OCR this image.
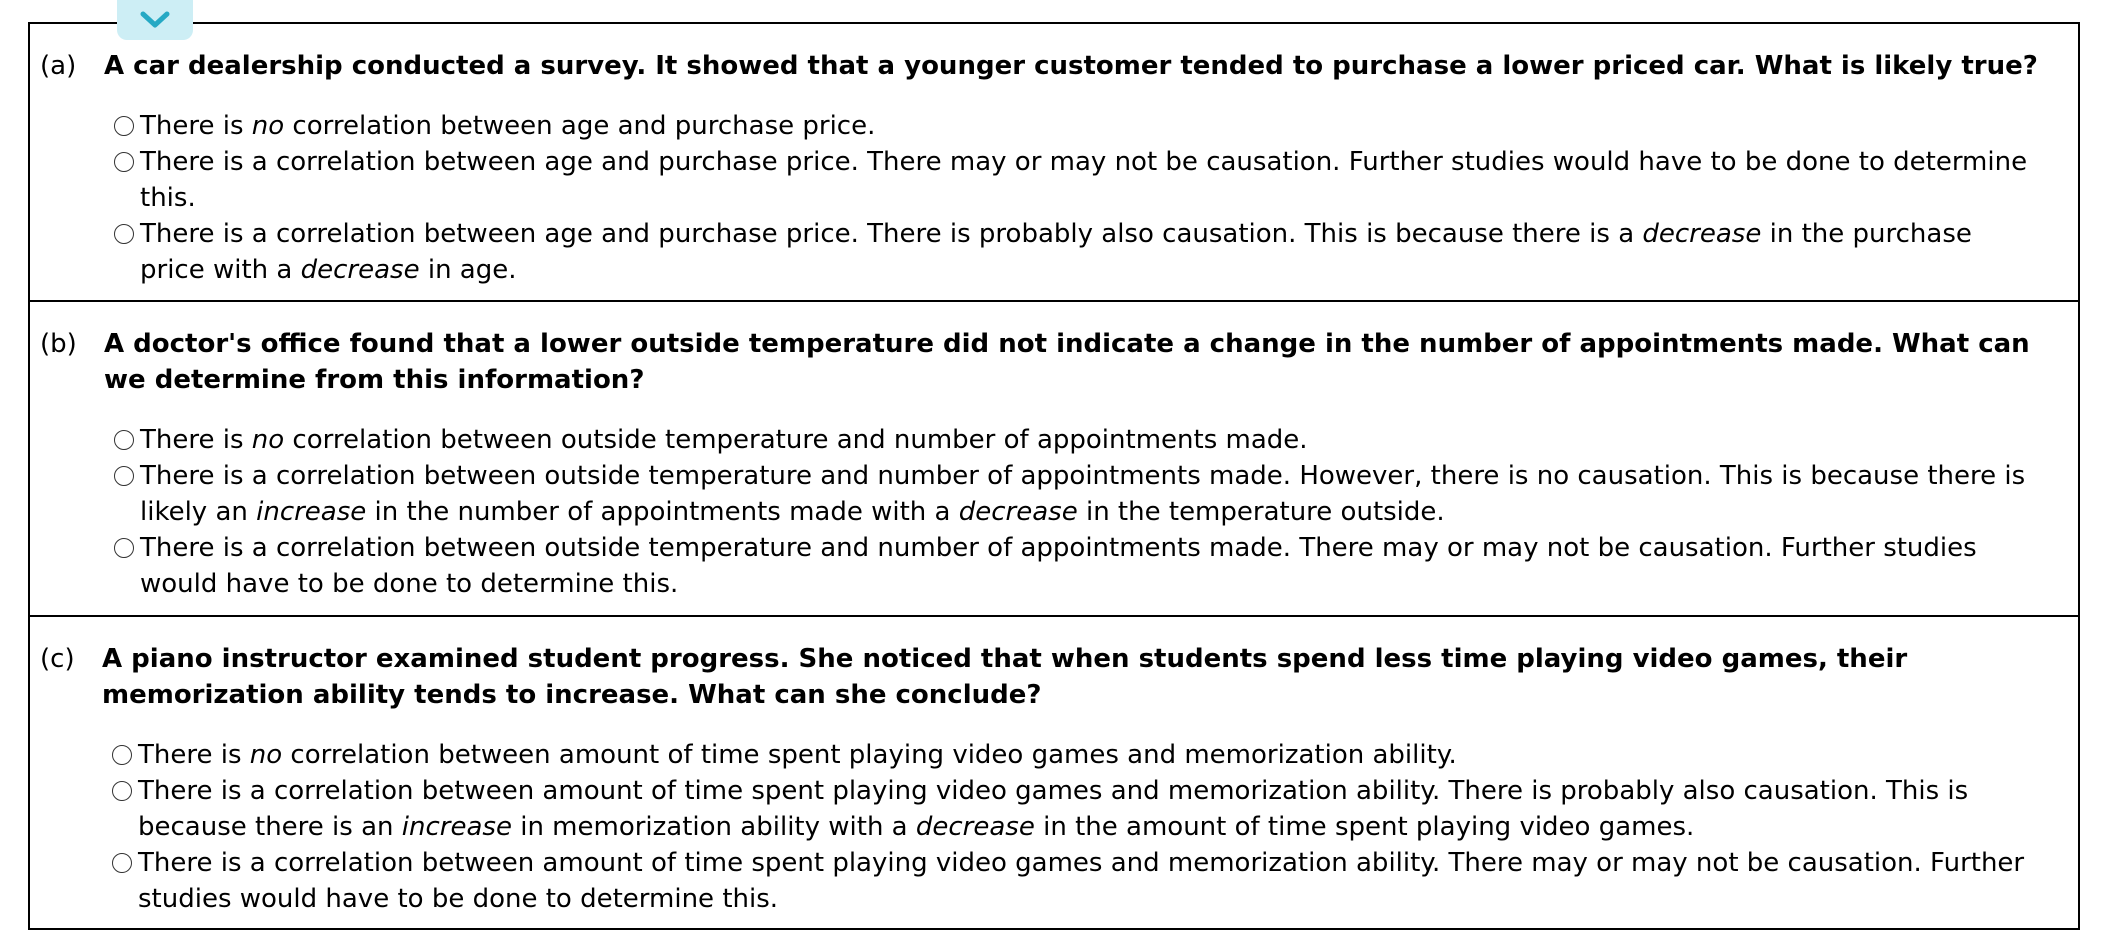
(a)	A car dealership conducted a survey. It showed that a younger customer tended to purchase a lower priced car. What is likely true?
There is no correlation between age and purchase price.
There is a correlation between age and purchase price. There may or may not be causation. Further studies would have to be done to determine this.
There is a correlation between age and purchase price. There is probably also causation. This is because there is a decrease in the purchase price with a decrease in age.
(b)	A doctor's office found that a lower outside temperature did not indicate a change in the number of appointments made. What can we determine from this information?
There is no correlation between outside temperature and number of appointments made.
There is a correlation between outside temperature and number of appointments made. However, there is no causation. This is because there is likely an increase in the number of appointments made with a decrease in the temperature outside.
There is a correlation between outside temperature and number of appointments made. There may or may not be causation. Further studies would have to be done to determine this.
(c)	A piano instructor examined student progress. She noticed that when students spend less time playing video games, their memorization ability tends to increase. What can she conclude?
There is no correlation between amount of time spent playing video games and memorization ability.
There is a correlation between amount of time spent playing video games and memorization ability. There is probably also causation. This is because there is an increase in memorization ability with a decrease in the amount of time spent playing video games.
There is a correlation between amount of time spent playing video games and memorization ability. There may or may not be causation. Further studies would have to be done to determine this.
